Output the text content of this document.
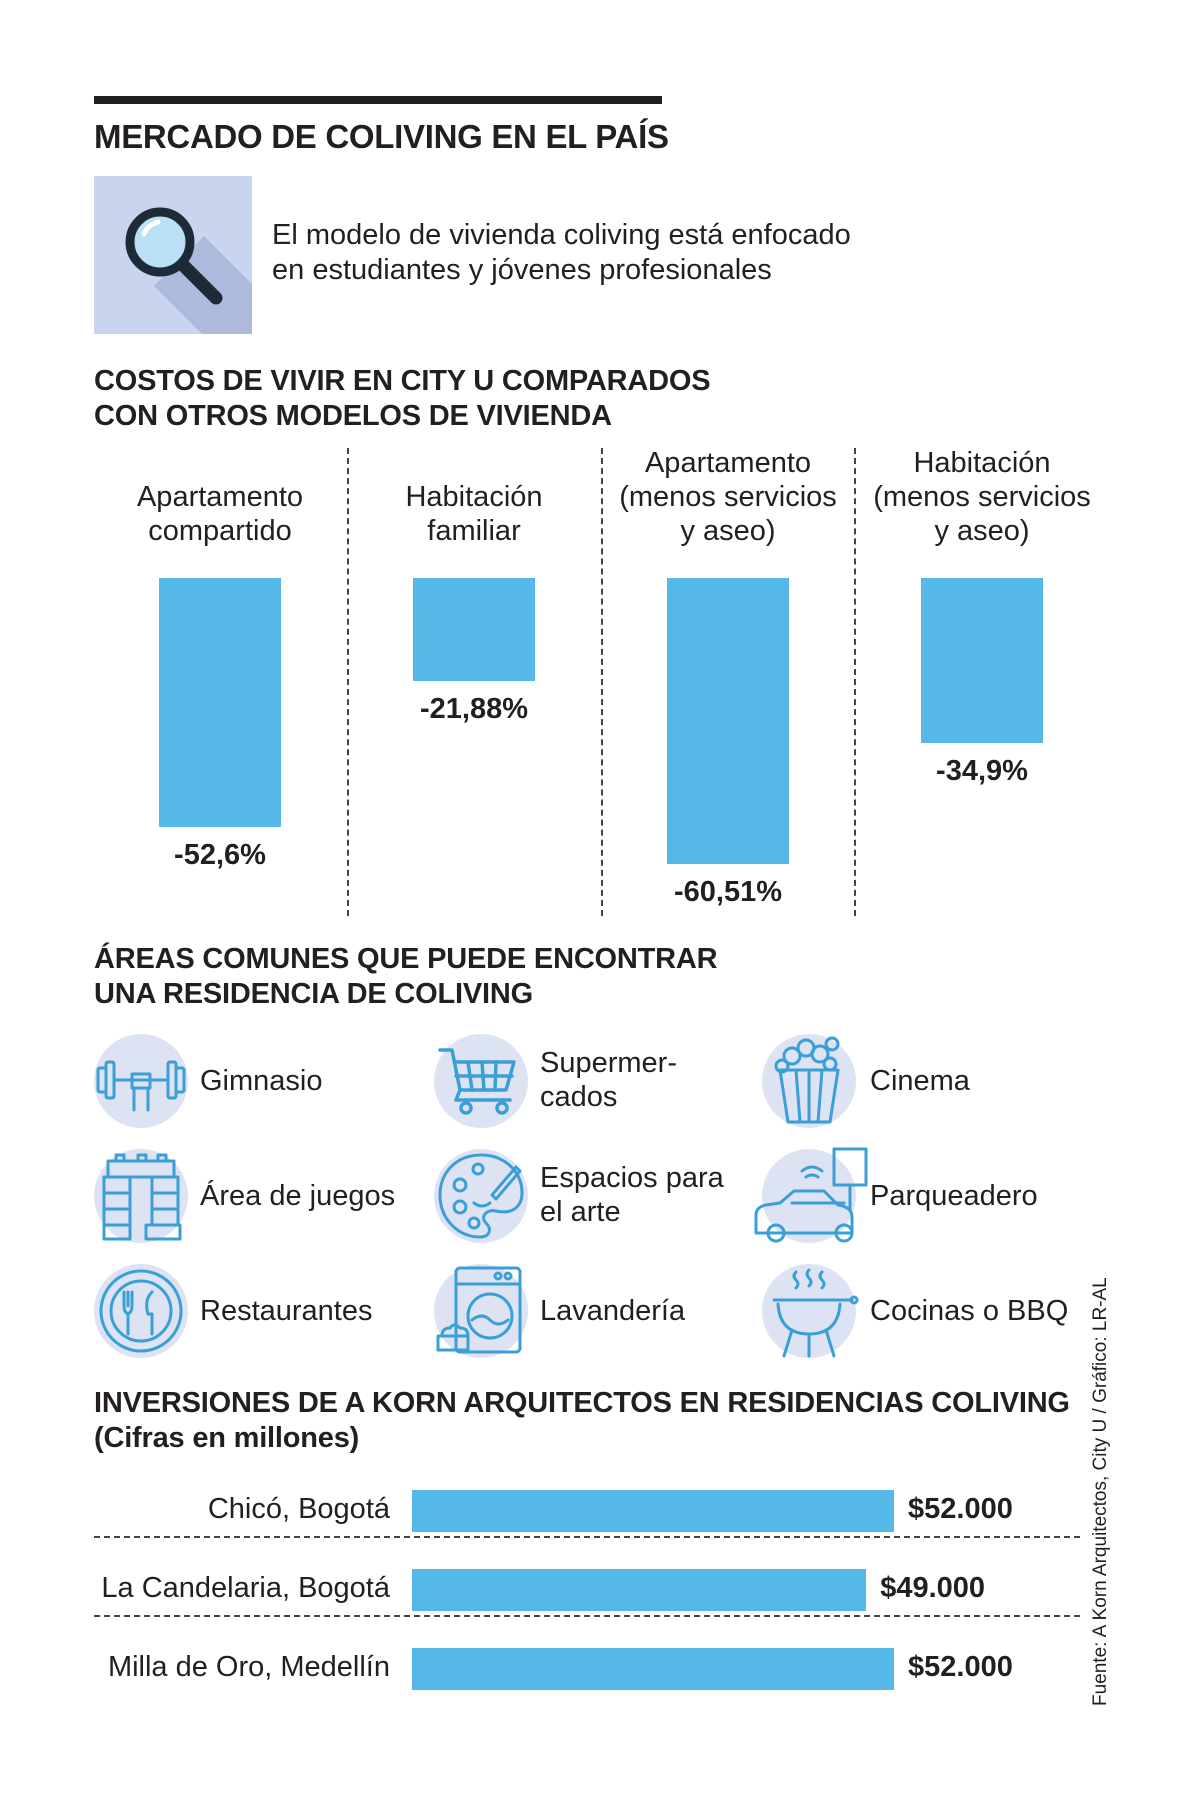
MERCADO DE COLIVING EN EL PAÍS
El modelo de vivienda coliving está enfocado
en estudiantes y jóvenes profesionales
COSTOS DE VIVIR EN CITY U COMPARADOS
CON OTROS MODELOS DE VIVIENDA
Apartamento
compartido
-52,6%
Habitación
familiar
-21,88%
Apartamento
(menos servicios
y aseo)
-60,51%
Habitación
(menos servicios
y aseo)
-34,9%
ÁREAS COMUNES QUE PUEDE ENCONTRAR
UNA RESIDENCIA DE COLIVING
Gimnasio
Supermer-
cados	Cinema
Área de juegos
Espacios para
el arte	Parqueadero
Restaurantes	Lavandería	Cocinas o BBQ
INVERSIONES DE A KORN ARQUITECTOS EN RESIDENCIAS COLIVING
(Cifras en millones)
Chicó, Bogotá	$52.000
La Candelaria, Bogotá	$49.000
Milla de Oro, Medellín	$52.000	Fuente: A Korn Arquitectos, City U / Gráfico: LR-AL
